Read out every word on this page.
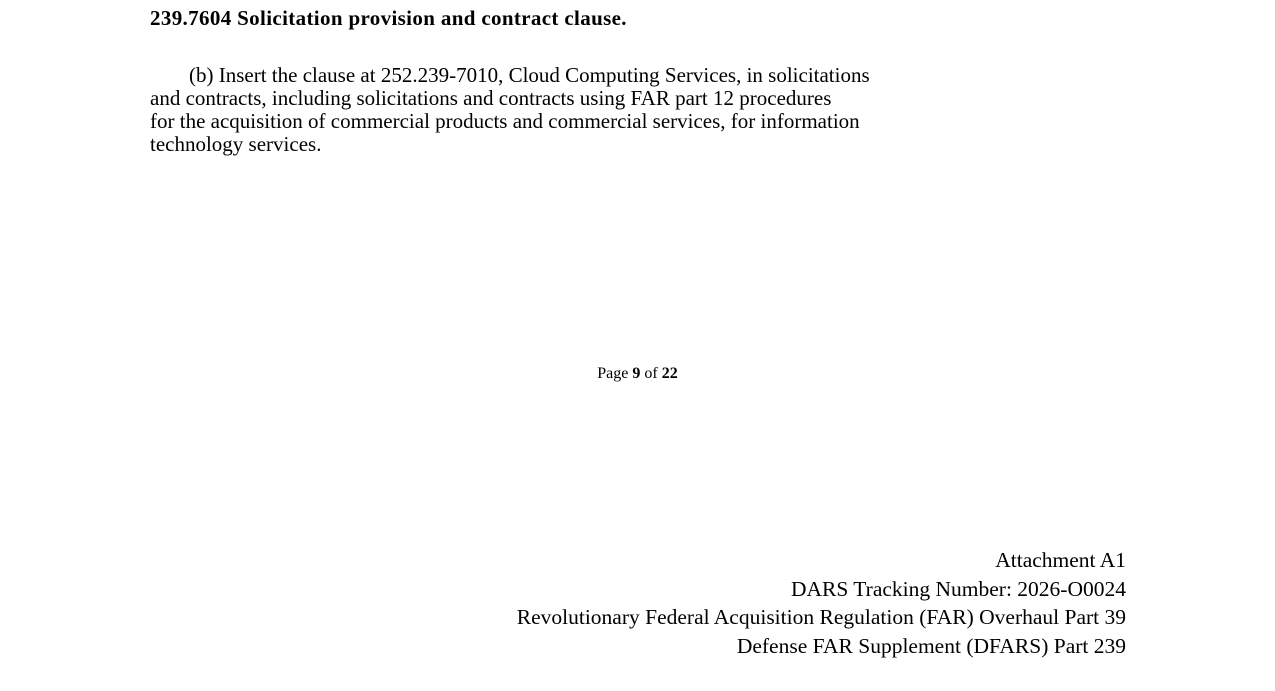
239.7604 Solicitation provision and contract clause.
(b) Insert the clause at 252.239-7010, Cloud Computing Services, in solicitations
and contracts, including solicitations and contracts using FAR part 12 procedures
for the acquisition of commercial products and commercial services, for information
technology services.
Page 9 of 22
Attachment A1
DARS Tracking Number: 2026-O0024
Revolutionary Federal Acquisition Regulation (FAR) Overhaul Part 39
Defense FAR Supplement (DFARS) Part 239
